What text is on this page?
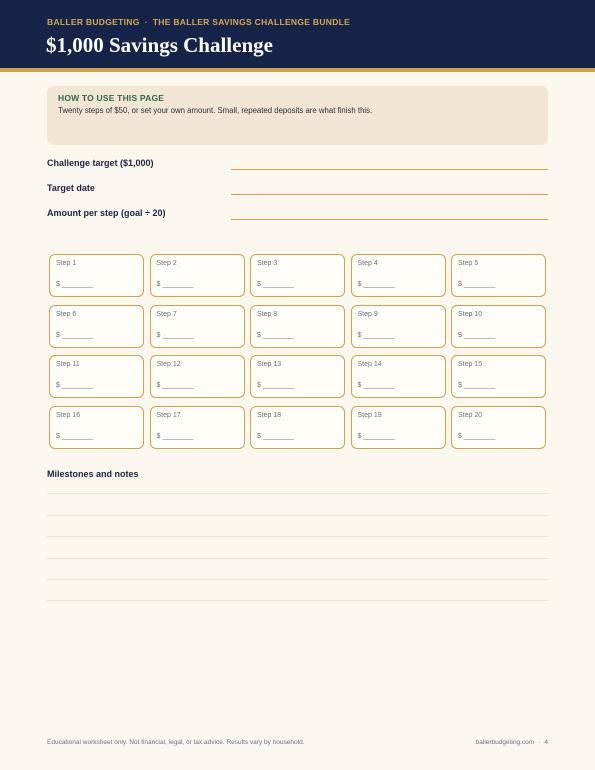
BALLER BUDGETING · THE BALLER SAVINGS CHALLENGE BUNDLE
$1,000 Savings Challenge
HOW TO USE THIS PAGE
Twenty steps of $50, or set your own amount. Small, repeated deposits are what finish this.
Challenge target ($1,000)
Target date
Amount per step (goal ÷ 20)
Step 1
$ ________
Step 2
$ ________
Step 3
$ ________
Step 4
$ ________
Step 5
$ ________
Step 6
$ ________
Step 7
$ ________
Step 8
$ ________
Step 9
$ ________
Step 10
$ ________
Step 11
$ ________
Step 12
$ ________
Step 13
$ ________
Step 14
$ ________
Step 15
$ ________
Step 16
$ ________
Step 17
$ ________
Step 18
$ ________
Step 19
$ ________
Step 20
$ ________
Milestones and notes
Educational worksheet only. Not financial, legal, or tax advice. Results vary by household.	ballerbudgeting.com · 4
